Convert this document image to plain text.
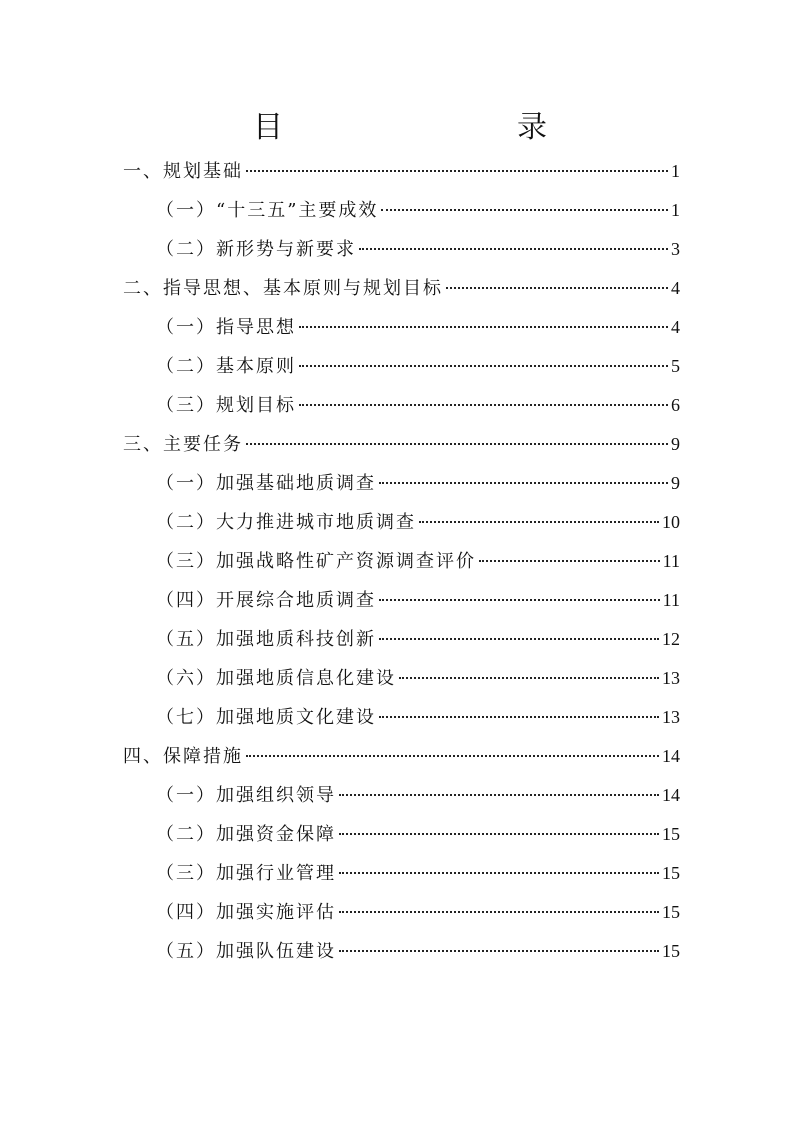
目　　录
一、规划基础	1
（一）“十三五”主要成效	1
（二）新形势与新要求	3
二、指导思想、基本原则与规划目标	4
（一）指导思想	4
（二）基本原则	5
（三）规划目标	6
三、主要任务	9
（一）加强基础地质调查	9
（二）大力推进城市地质调查	10
（三）加强战略性矿产资源调查评价	11
（四）开展综合地质调查	11
（五）加强地质科技创新	12
（六）加强地质信息化建设	13
（七）加强地质文化建设	13
四、保障措施	14
（一）加强组织领导	14
（二）加强资金保障	15
（三）加强行业管理	15
（四）加强实施评估	15
（五）加强队伍建设	15
